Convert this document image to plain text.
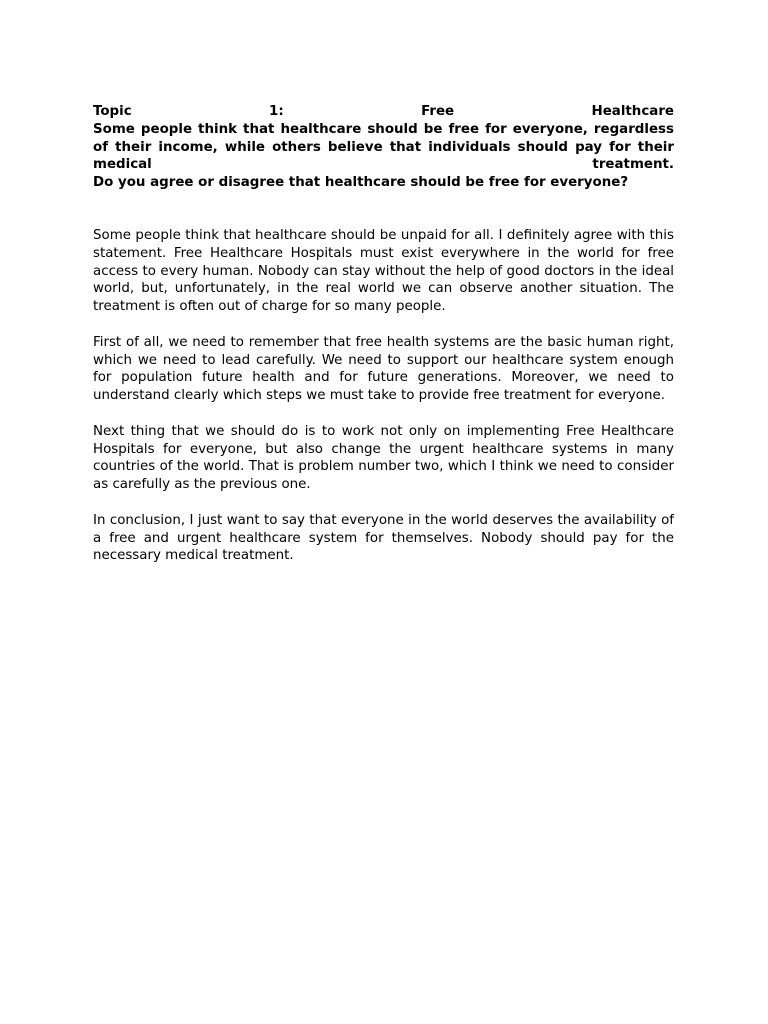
Topic 1: Free Healthcare
Some people think that healthcare should be free for everyone, regardless of their income, while others believe that individuals should pay for their medical treatment.
Do you agree or disagree that healthcare should be free for everyone?

Some people think that healthcare should be unpaid for all. I definitely agree with this statement. Free Healthcare Hospitals must exist everywhere in the world for free access to every human. Nobody can stay without the help of good doctors in the ideal world, but, unfortunately, in the real world we can observe another situation. The treatment is often out of charge for so many people.

First of all, we need to remember that free health systems are the basic human right, which we need to lead carefully. We need to support our healthcare system enough for population future health and for future generations. Moreover, we need to understand clearly which steps we must take to provide free treatment for everyone.

Next thing that we should do is to work not only on implementing Free Healthcare Hospitals for everyone, but also change the urgent healthcare systems in many countries of the world. That is problem number two, which I think we need to consider as carefully as the previous one.

In conclusion, I just want to say that everyone in the world deserves the availability of a free and urgent healthcare system for themselves. Nobody should pay for the necessary medical treatment.
